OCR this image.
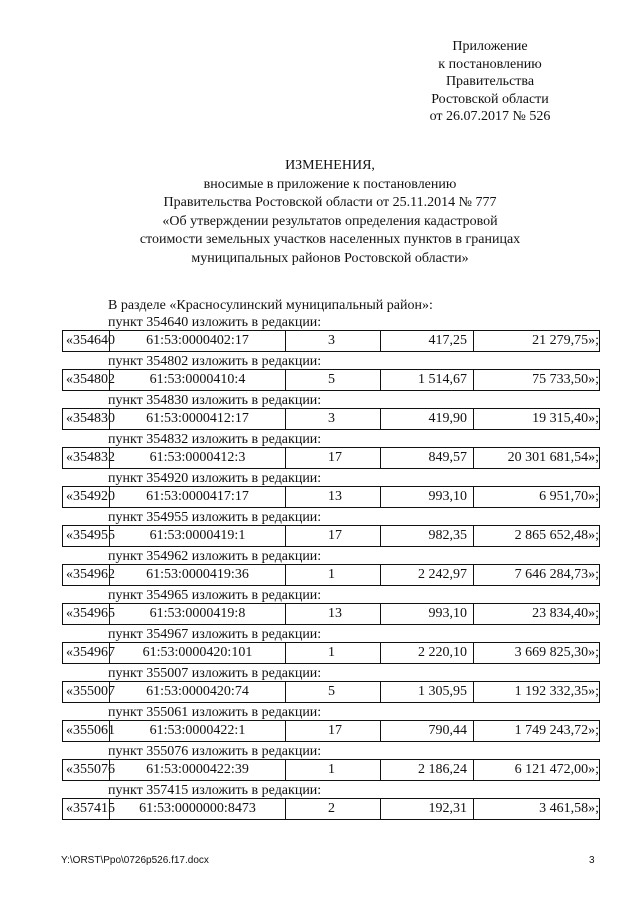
Приложение
к постановлению
Правительства
Ростовской области
от 26.07.2017 № 526
ИЗМЕНЕНИЯ,
вносимые в приложение к постановлению
Правительства Ростовской области от 25.11.2014 № 777
«Об утверждении результатов определения кадастровой
стоимости земельных участков населенных пунктов в границах
муниципальных районов Ростовской области»
В разделе «Красносулинский муниципальный район»:
пункт 354640 изложить в редакции:
«354640	61:53:0000402:17	3	417,25	21 279,75»;
пункт 354802 изложить в редакции:
«354802	61:53:0000410:4	5	1 514,67	75 733,50»;
пункт 354830 изложить в редакции:
«354830	61:53:0000412:17	3	419,90	19 315,40»;
пункт 354832 изложить в редакции:
«354832	61:53:0000412:3	17	849,57	20 301 681,54»;
пункт 354920 изложить в редакции:
«354920	61:53:0000417:17	13	993,10	6 951,70»;
пункт 354955 изложить в редакции:
«354955	61:53:0000419:1	17	982,35	2 865 652,48»;
пункт 354962 изложить в редакции:
«354962	61:53:0000419:36	1	2 242,97	7 646 284,73»;
пункт 354965 изложить в редакции:
«354965	61:53:0000419:8	13	993,10	23 834,40»;
пункт 354967 изложить в редакции:
«354967	61:53:0000420:101	1	2 220,10	3 669 825,30»;
пункт 355007 изложить в редакции:
«355007	61:53:0000420:74	5	1 305,95	1 192 332,35»;
пункт 355061 изложить в редакции:
«355061	61:53:0000422:1	17	790,44	1 749 243,72»;
пункт 355076 изложить в редакции:
«355076	61:53:0000422:39	1	2 186,24	6 121 472,00»;
пункт 357415 изложить в редакции:
«357415	61:53:0000000:8473	2	192,31	3 461,58»;
Y:\ORST\Ppo\0726p526.f17.docx	3
